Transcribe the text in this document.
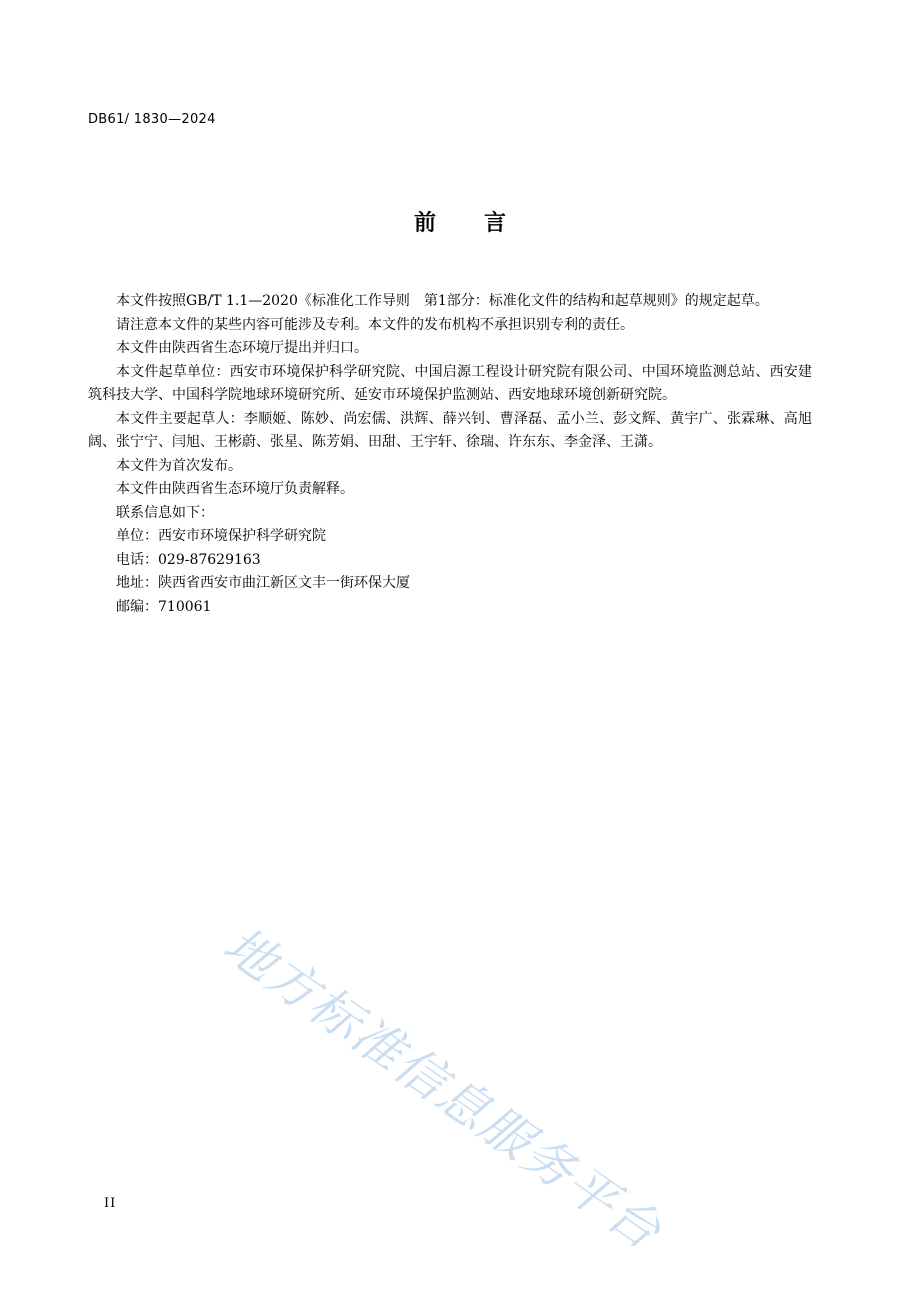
DB61/ 1830—2024
前言

本文件按照GB/T 1.1—2020《标准化工作导则　第1部分：标准化文件的结构和起草规则》的规定起草。

请注意本文件的某些内容可能涉及专利。本文件的发布机构不承担识别专利的责任。

本文件由陕西省生态环境厅提出并归口。

本文件起草单位：西安市环境保护科学研究院、中国启源工程设计研究院有限公司、中国环境监测总站、西安建筑科技大学、中国科学院地球环境研究所、延安市环境保护监测站、西安地球环境创新研究院。

本文件主要起草人：李顺姬、陈妙、尚宏儒、洪辉、薛兴钊、曹泽磊、孟小兰、彭文辉、黄宇广、张霖琳、高旭阔、张宁宁、闫旭、王彬蔚、张星、陈芳娟、田甜、王宇轩、徐瑞、许东东、李金泽、王潇。

本文件为首次发布。

本文件由陕西省生态环境厅负责解释。

联系信息如下：

单位：西安市环境保护科学研究院

电话：029-87629163

地址：陕西省西安市曲江新区文丰一街环保大厦

邮编：710061

地方标准信息服务平台
II
